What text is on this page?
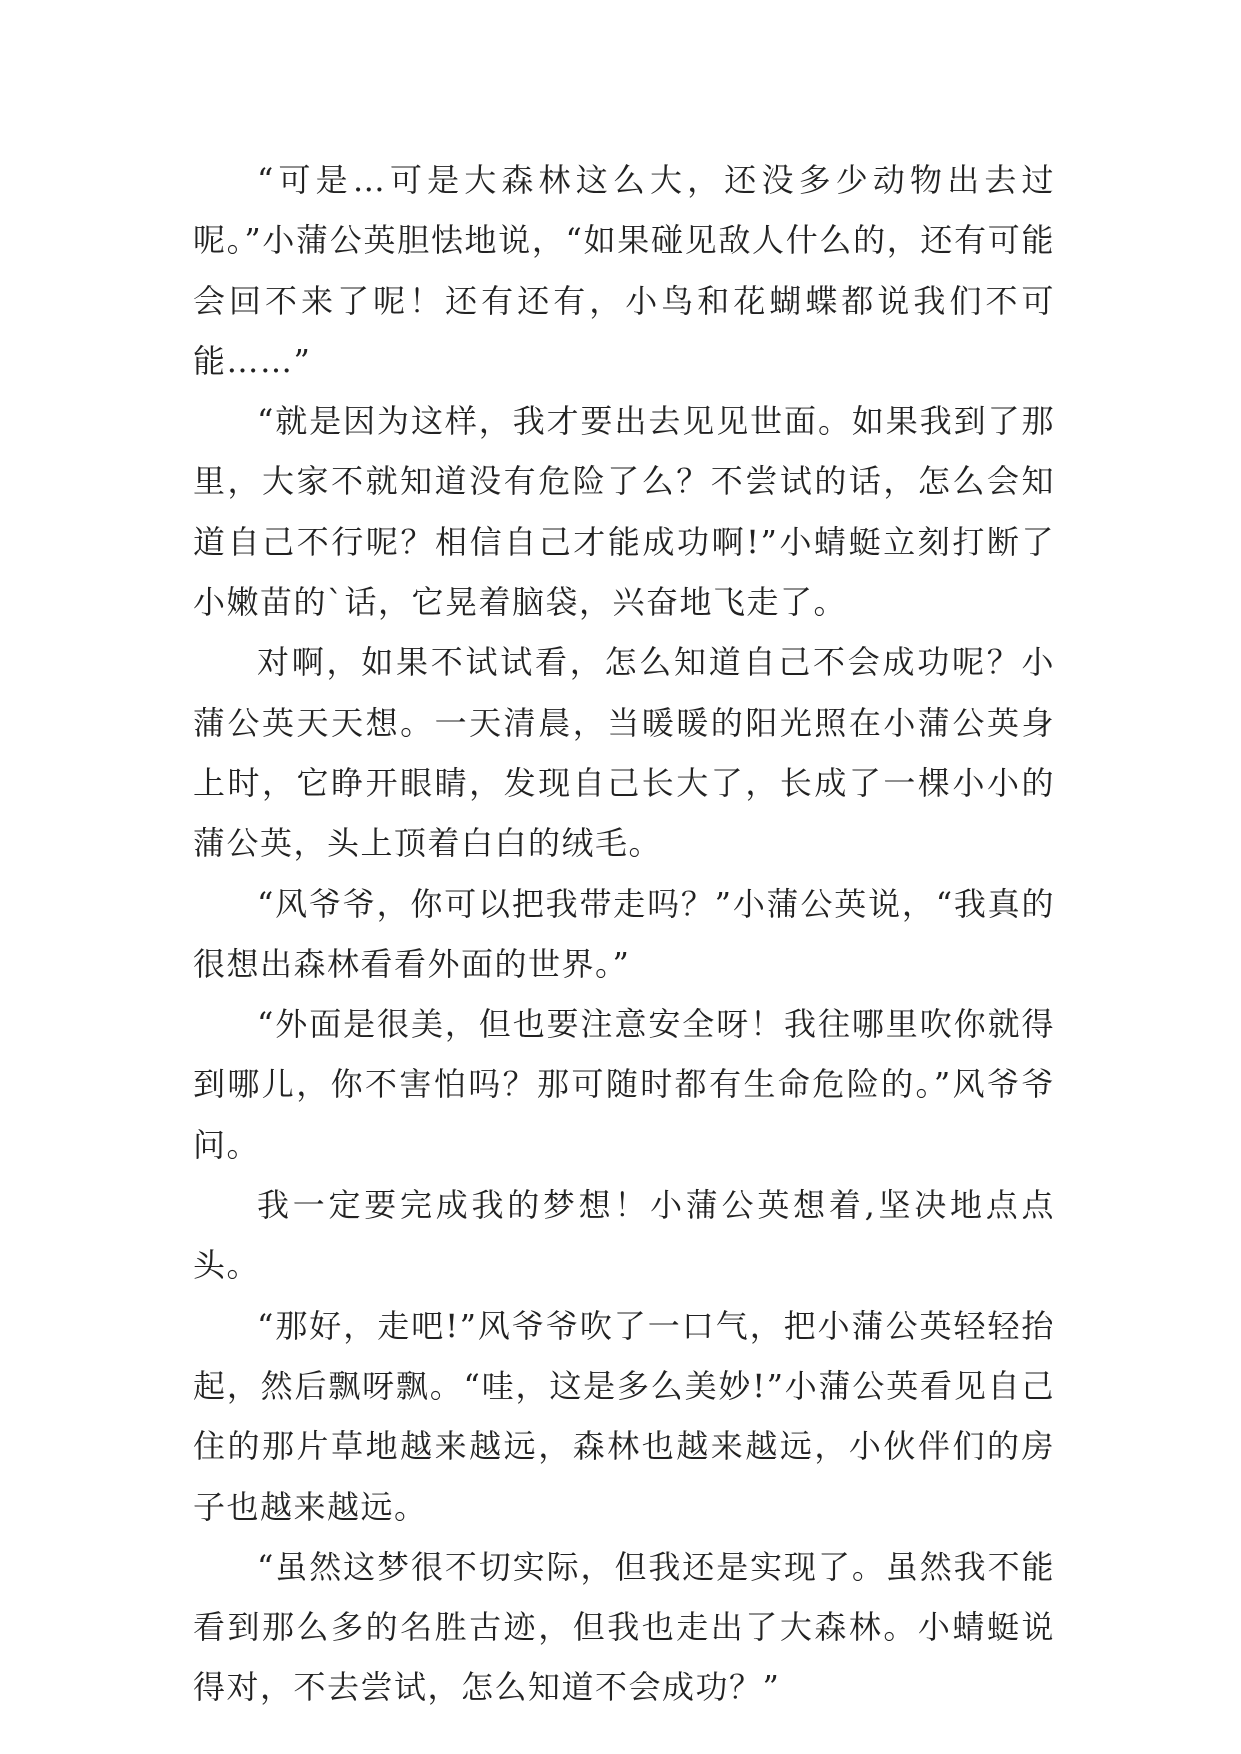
“可是…可是大森林这么大，还没多少动物出去过呢。”小蒲公英胆怯地说，“如果碰见敌人什么的，还有可能会回不来了呢！还有还有，小鸟和花蝴蝶都说我们不可能……”

“就是因为这样，我才要出去见见世面。如果我到了那里，大家不就知道没有危险了么？不尝试的话，怎么会知道自己不行呢？相信自己才能成功啊!”小蜻蜓立刻打断了小嫩苗的`话，它晃着脑袋，兴奋地飞走了。

对啊，如果不试试看，怎么知道自己不会成功呢？小蒲公英天天想。一天清晨，当暖暖的阳光照在小蒲公英身上时，它睁开眼睛，发现自己长大了，长成了一棵小小的蒲公英，头上顶着白白的绒毛。

“风爷爷，你可以把我带走吗？”小蒲公英说，“我真的很想出森林看看外面的世界。”

“外面是很美，但也要注意安全呀！我往哪里吹你就得到哪儿，你不害怕吗？那可随时都有生命危险的。”风爷爷问。

我一定要完成我的梦想！小蒲公英想着,坚决地点点头。

“那好，走吧!”风爷爷吹了一口气，把小蒲公英轻轻抬起，然后飘呀飘。“哇，这是多么美妙!”小蒲公英看见自己住的那片草地越来越远，森林也越来越远，小伙伴们的房子也越来越远。

“虽然这梦很不切实际，但我还是实现了。虽然我不能看到那么多的名胜古迹，但我也走出了大森林。小蜻蜓说得对，不去尝试，怎么知道不会成功？”
